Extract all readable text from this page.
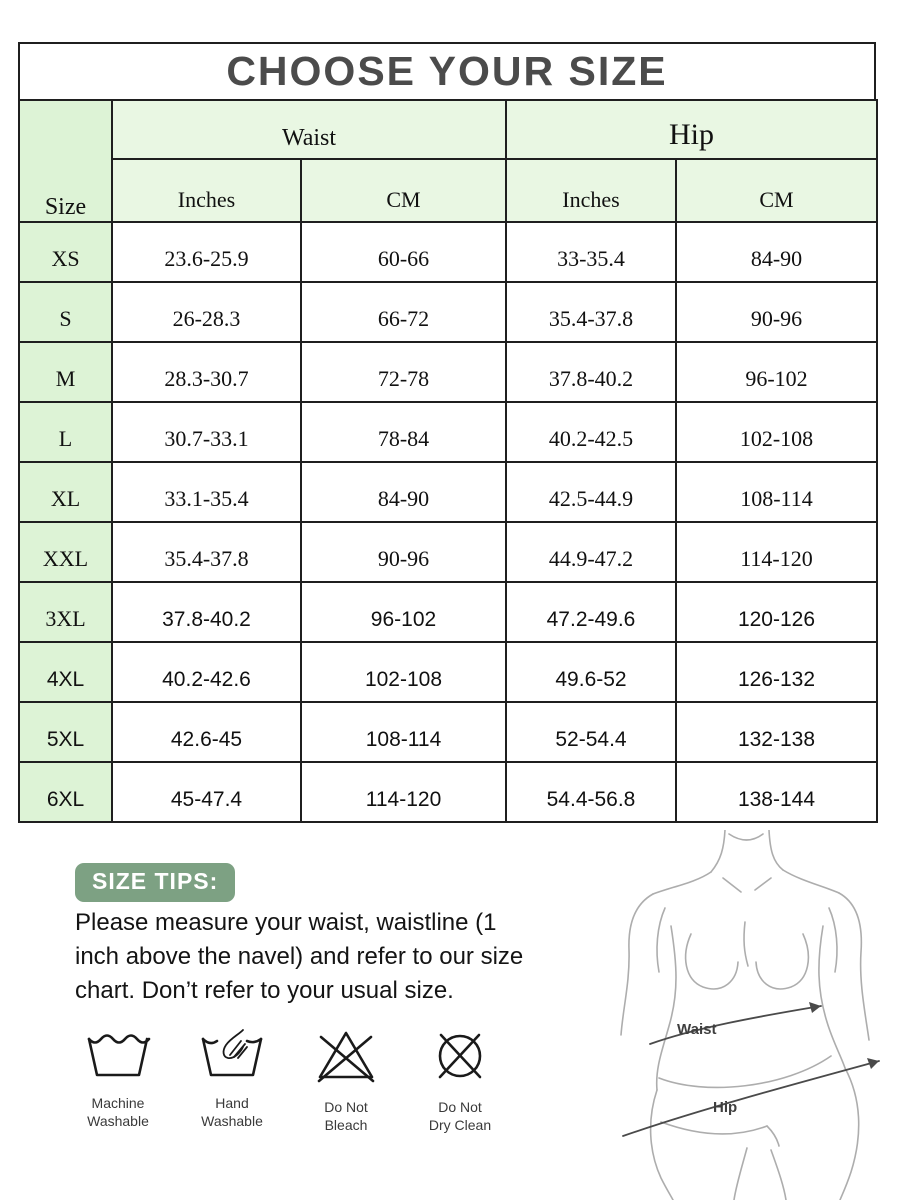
CHOOSE YOUR SIZE
Size	Waist		Hip	
	Inches	CM	Inches	CM
XS	23.6-25.9	60-66	33-35.4	84-90
S	26-28.3	66-72	35.4-37.8	90-96
M	28.3-30.7	72-78	37.8-40.2	96-102
L	30.7-33.1	78-84	40.2-42.5	102-108
XL	33.1-35.4	84-90	42.5-44.9	108-114
XXL	35.4-37.8	90-96	44.9-47.2	114-120
3XL	37.8-40.2	96-102	47.2-49.6	120-126
4XL	40.2-42.6	102-108	49.6-52	126-132
5XL	42.6-45	108-114	52-54.4	132-138
6XL	45-47.4	114-120	54.4-56.8	138-144
SIZE TIPS:

Please measure your waist, waistline (1 inch above the navel) and refer to our size chart. Don’t refer to your usual size.

Machine
Washable
Hand
Washable
Do Not
Bleach
Do Not
Dry Clean
Waist
Hip
